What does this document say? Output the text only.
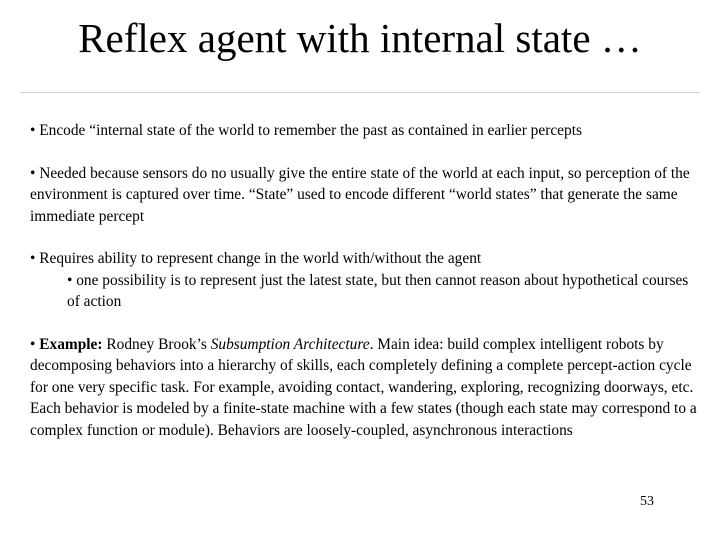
Reflex agent with internal state …

• Encode “internal state of the world to remember the past as contained in earlier percepts

• Needed because sensors do no usually give the entire state of the world at each input, so perception of the environment is captured over time. “State” used to encode different “world states” that generate the same immediate percept

• Requires ability to represent change in the world with/without the agent

• one possibility is to represent just the latest state, but then cannot reason about hypothetical courses of action

• Example: Rodney Brook’s Subsumption Architecture. Main idea: build complex intelligent robots by decomposing behaviors into a hierarchy of skills, each completely defining a complete percept-action cycle for one very specific task. For example, avoiding contact, wandering, exploring, recognizing doorways, etc. Each behavior is modeled by a finite-state machine with a few states (though each state may correspond to a complex function or module). Behaviors are loosely-coupled, asynchronous interactions

53
